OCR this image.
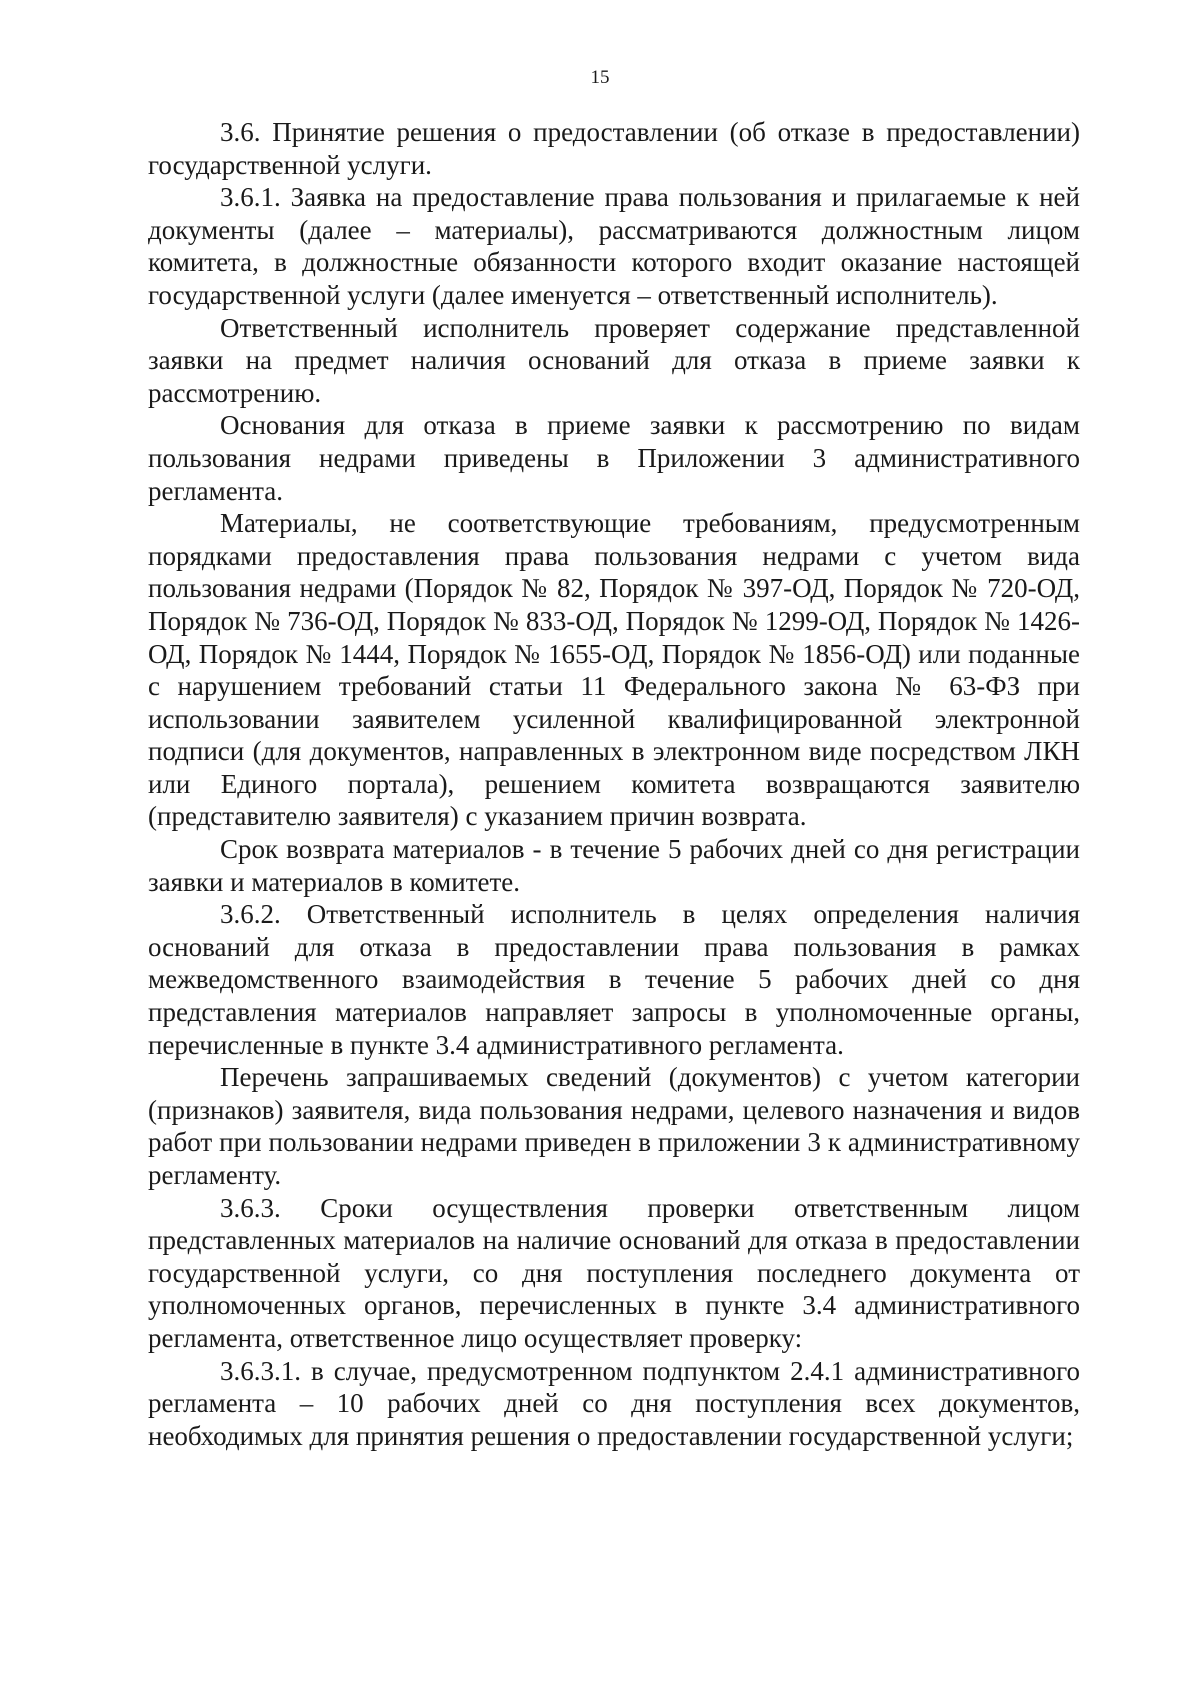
15

3.6. Принятие решения о предоставлении (об отказе в предоставлении) государственной услуги.

3.6.1. Заявка на предоставление права пользования и прилагаемые к ней документы (далее – материалы), рассматриваются должностным лицом комитета, в должностные обязанности которого входит оказание настоящей государственной услуги (далее именуется – ответственный исполнитель).

Ответственный исполнитель проверяет содержание представленной заявки на предмет наличия оснований для отказа в приеме заявки к рассмотрению.

Основания для отказа в приеме заявки к рассмотрению по видам пользования недрами приведены в Приложении 3 административного регламента.

Материалы, не соответствующие требованиям, предусмотренным порядками предоставления права пользования недрами с учетом вида пользования недрами (Порядок № 82, Порядок № 397-ОД, Порядок № 720-ОД, Порядок № 736-ОД, Порядок № 833-ОД, Порядок № 1299-ОД, Порядок № 1426-ОД, Порядок № 1444, Порядок № 1655-ОД, Порядок № 1856-ОД) или поданные с нарушением требований статьи 11 Федерального закона № 63-ФЗ при использовании заявителем усиленной квалифицированной электронной подписи (для документов, направленных в электронном виде посредством ЛКН или Единого портала), решением комитета возвращаются заявителю (представителю заявителя) с указанием причин возврата.

Срок возврата материалов - в течение 5 рабочих дней со дня регистрации заявки и материалов в комитете.

3.6.2. Ответственный исполнитель в целях определения наличия оснований для отказа в предоставлении права пользования в рамках межведомственного взаимодействия в течение 5 рабочих дней со дня представления материалов направляет запросы в уполномоченные органы, перечисленные в пункте 3.4 административного регламента.

Перечень запрашиваемых сведений (документов) с учетом категории (признаков) заявителя, вида пользования недрами, целевого назначения и видов работ при пользовании недрами приведен в приложении 3 к административному регламенту.

3.6.3. Сроки осуществления проверки ответственным лицом представленных материалов на наличие оснований для отказа в предоставлении государственной услуги, со дня поступления последнего документа от уполномоченных органов, перечисленных в пункте 3.4 административного регламента, ответственное лицо осуществляет проверку:

3.6.3.1. в случае, предусмотренном подпунктом 2.4.1 административного регламента – 10 рабочих дней со дня поступления всех документов, необходимых для принятия решения о предоставлении государственной услуги;
